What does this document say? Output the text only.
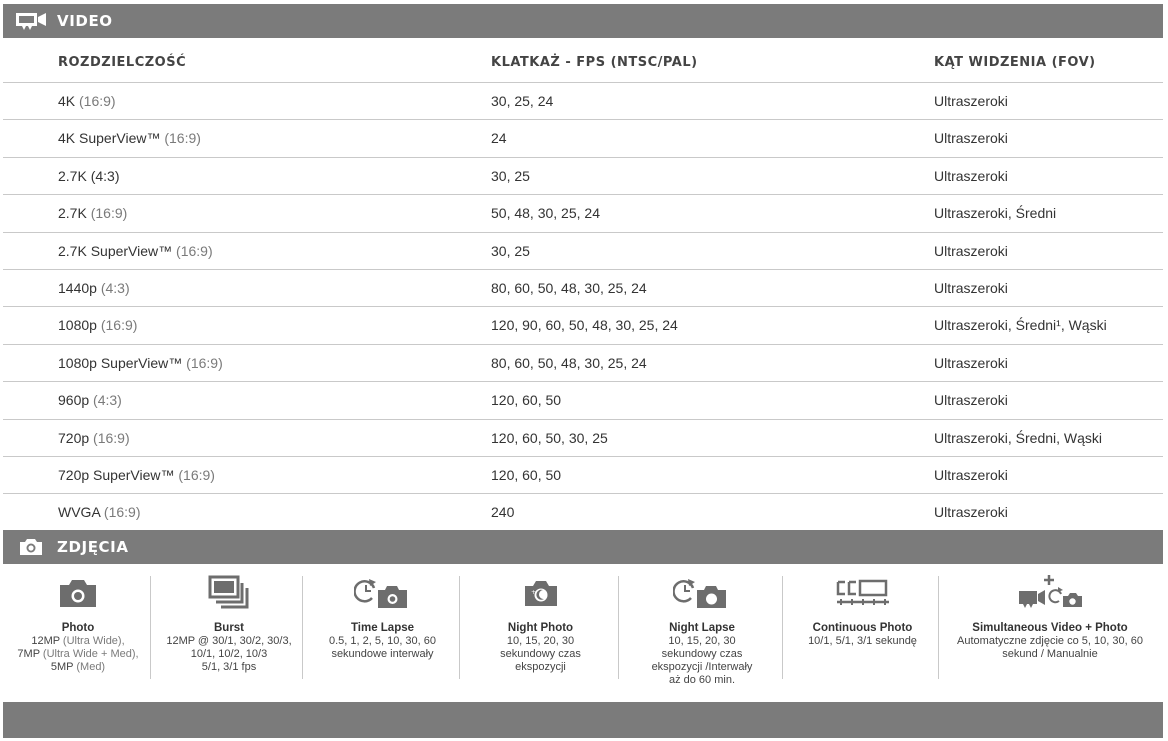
VIDEO
ROZDZIELCZOŚĆ	KLATKAŻ - FPS (NTSC/PAL)	KĄT WIDZENIA (FOV)
4K (16:9)	30, 25, 24	Ultraszeroki
4K SuperView™ (16:9)	24	Ultraszeroki
2.7K (4:3)	30, 25	Ultraszeroki
2.7K (16:9)	50, 48, 30, 25, 24	Ultraszeroki, Średni
2.7K SuperView™ (16:9)	30, 25	Ultraszeroki
1440p (4:3)	80, 60, 50, 48, 30, 25, 24	Ultraszeroki
1080p (16:9)	120, 90, 60, 50, 48, 30, 25, 24	Ultraszeroki, Średni¹, Wąski
1080p SuperView™ (16:9)	80, 60, 50, 48, 30, 25, 24	Ultraszeroki
960p (4:3)	120, 60, 50	Ultraszeroki
720p (16:9)	120, 60, 50, 30, 25	Ultraszeroki, Średni, Wąski
720p SuperView™ (16:9)	120, 60, 50	Ultraszeroki
WVGA (16:9)	240	Ultraszeroki
ZDJĘCIA
Photo
12MP (Ultra Wide),
7MP (Ultra Wide + Med),
5MP (Med)
Burst
12MP @ 30/1, 30/2, 30/3,
10/1, 10/2, 10/3
5/1, 3/1 fps
Time Lapse
0.5, 1, 2, 5, 10, 30, 60
sekundowe interwały
+
Night Photo
10, 15, 20, 30
sekundowy czas
ekspozycji
Night Lapse
10, 15, 20, 30
sekundowy czas
ekspozycji /Interwały
aż do 60 min.
Continuous Photo
10/1, 5/1, 3/1 sekundę
Simultaneous Video + Photo
Automatyczne zdjęcie co 5, 10, 30, 60
sekund / Manualnie
